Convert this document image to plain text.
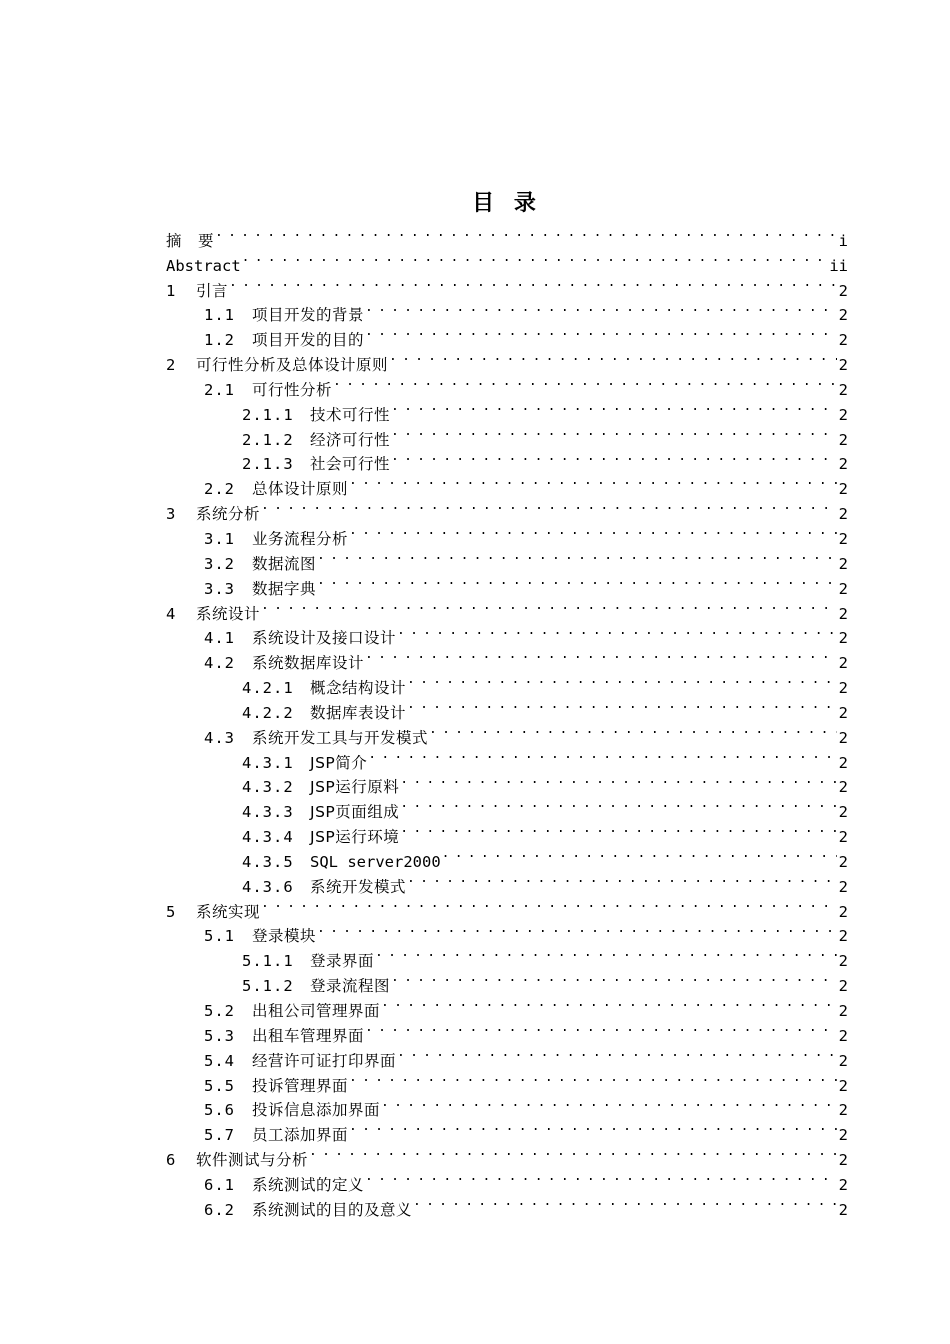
目 录
摘　要 . . .	i
Abstract . . .	ii
1	引言 . . .	2
1.1	项目开发的背景 . . .	2
1.2	项目开发的目的 . . .	2
2	可行性分析及总体设计原则 . . .	2
2.1	可行性分析 . . .	2
2.1.1	技术可行性 . . .	2
2.1.2	经济可行性 . . .	2
2.1.3	社会可行性 . . .	2
2.2	总体设计原则 . . .	2
3	系统分析 . . .	2
3.1	业务流程分析 . . .	2
3.2	数据流图 . . .	2
3.3	数据字典 . . .	2
4	系统设计 . . .	2
4.1	系统设计及接口设计 . . .	2
4.2	系统数据库设计 . . .	2
4.2.1	概念结构设计 . . .	2
4.2.2	数据库表设计 . . .	2
4.3	系统开发工具与开发模式 . . .	2
4.3.1	JSP简介 . . .	2
4.3.2	JSP运行原料 . . .	2
4.3.3	JSP页面组成 . . .	2
4.3.4	JSP运行环境 . . .	2
4.3.5	SQL server2000 . . .	2
4.3.6	系统开发模式 . . .	2
5	系统实现 . . .	2
5.1	登录模块 . . .	2
5.1.1	登录界面 . . .	2
5.1.2	登录流程图 . . .	2
5.2	出租公司管理界面 . . .	2
5.3	出租车管理界面 . . .	2
5.4	经营许可证打印界面 . . .	2
5.5	投诉管理界面 . . .	2
5.6	投诉信息添加界面 . . .	2
5.7	员工添加界面 . . .	2
6	软件测试与分析 . . .	2
6.1	系统测试的定义 . . .	2
6.2	系统测试的目的及意义 . . .	2
